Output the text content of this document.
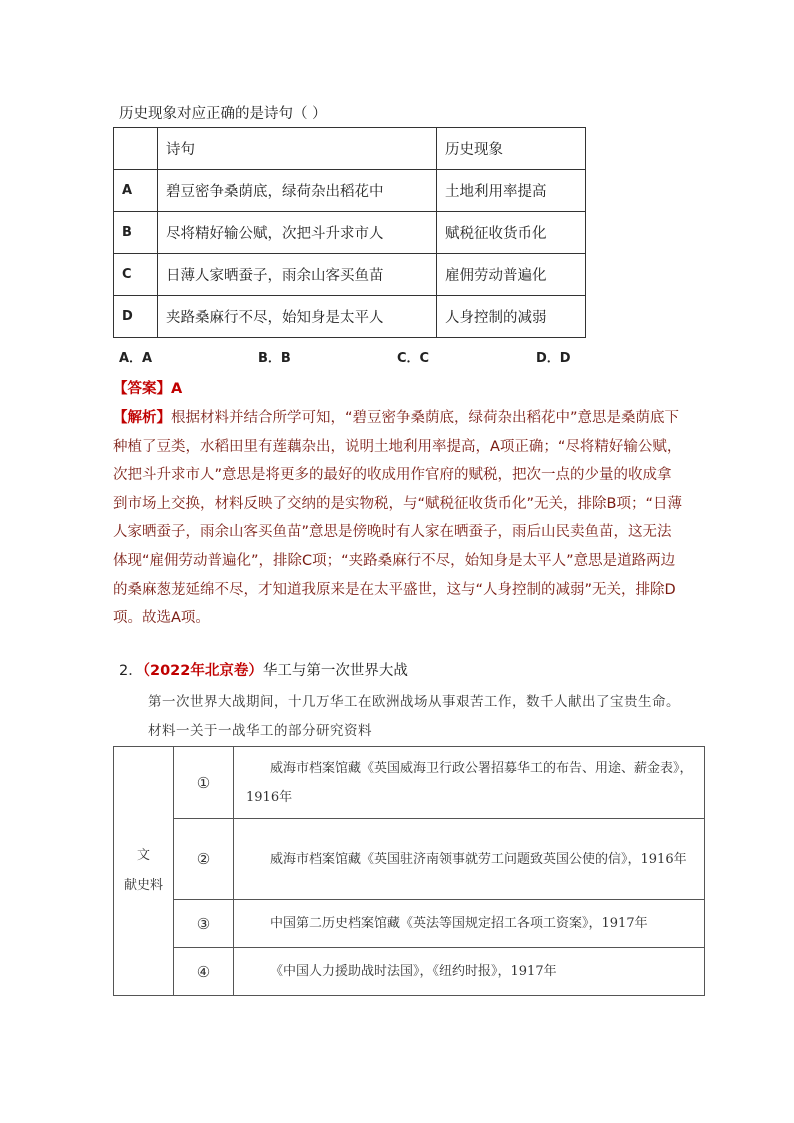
历史现象对应正确的是诗句（ ）
	诗句	历史现象
A	碧豆密争桑荫底，绿荷杂出稻花中	土地利用率提高
B	尽将精好输公赋，次把斗升求市人	赋税征收货币化
C	日薄人家晒蚕子，雨余山客买鱼苗	雇佣劳动普遍化
D	夹路桑麻行不尽，始知身是太平人	人身控制的减弱
A．A	B．B	C．C	D．D
【答案】A
【解析】根据材料并结合所学可知，“碧豆密争桑荫底，绿荷杂出稻花中”意思是桑荫底下种植了豆类，水稻田里有莲藕杂出，说明土地利用率提高，A项正确；“尽将精好输公赋，次把斗升求市人”意思是将更多的最好的收成用作官府的赋税，把次一点的少量的收成拿到市场上交换，材料反映了交纳的是实物税，与“赋税征收货币化”无关，排除B项；“日薄人家晒蚕子，雨余山客买鱼苗”意思是傍晚时有人家在晒蚕子，雨后山民卖鱼苗，这无法体现“雇佣劳动普遍化”，排除C项；“夹路桑麻行不尽，始知身是太平人”意思是道路两边的桑麻葱茏延绵不尽，才知道我原来是在太平盛世，这与“人身控制的减弱”无关，排除D项。故选A项。
2．（2022年北京卷）华工与第一次世界大战
第一次世界大战期间，十几万华工在欧洲战场从事艰苦工作，数千人献出了宝贵生命。
材料一关于一战华工的部分研究资料
文
献史料	①	威海市档案馆藏《英国威海卫行政公署招募华工的布告、用途、薪金表》，1916年

	②	威海市档案馆藏《英国驻济南领事就劳工问题致英国公使的信》，1916年

	③	中国第二历史档案馆藏《英法等国规定招工各项工资案》，1917年

	④	《中国人力援助战时法国》，《纽约时报》，1917年
